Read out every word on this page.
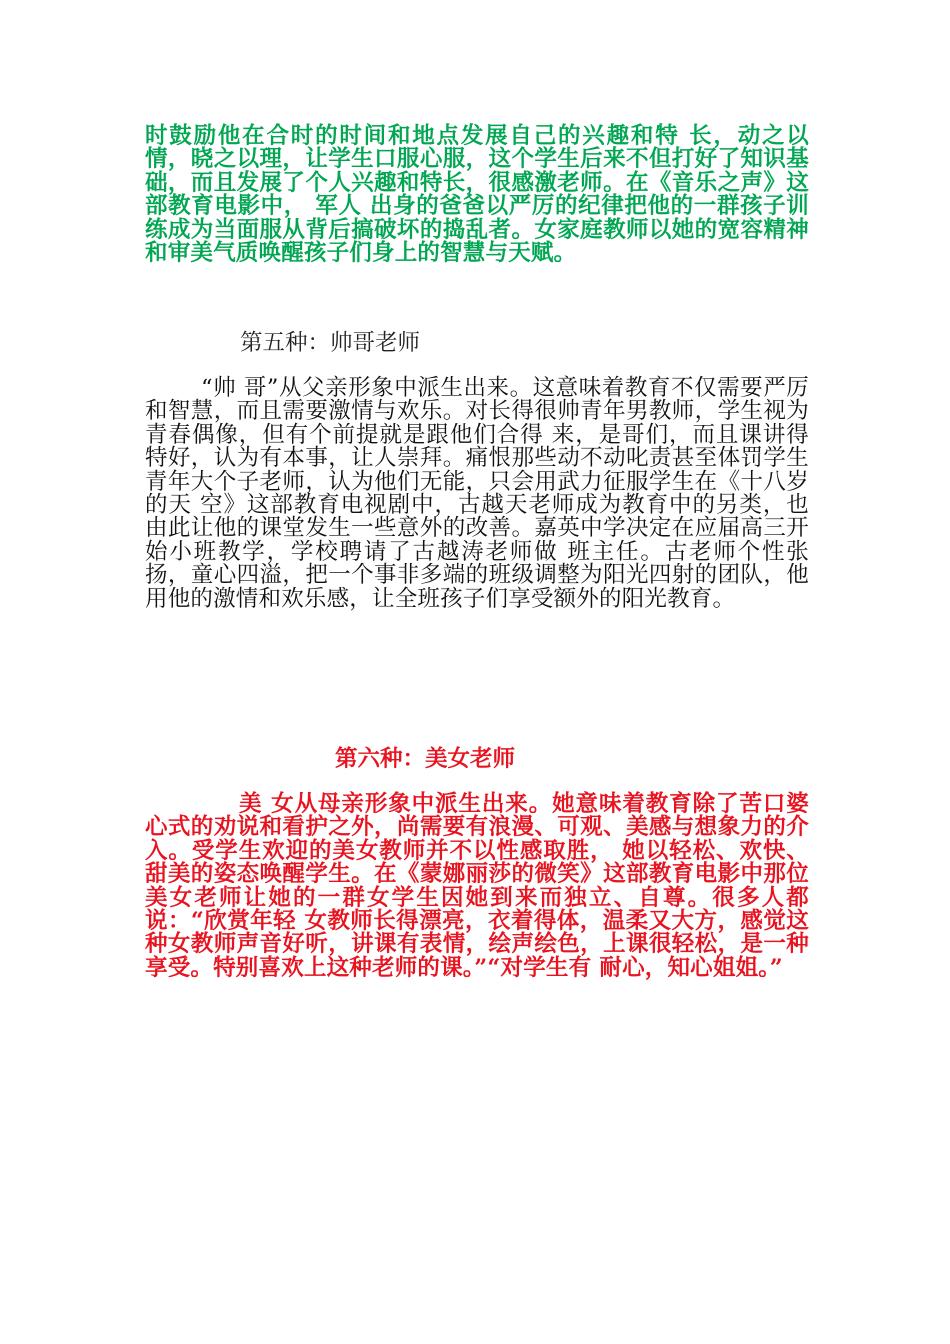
时鼓励他在合时的时间和地点发展自己的兴趣和特 长，动之以情，晓之以理，让学生口服心服，这个学生后来不但打好了知识基础，而且发展了个人兴趣和特长，很感激老师。在《音乐之声》这部教育电影中， 军人 出身的爸爸以严厉的纪律把他的一群孩子训练成为当面服从背后搞破坏的捣乱者。女家庭教师以她的宽容精神和审美气质唤醒孩子们身上的智慧与天赋。

第五种：帅哥老师

“帅 哥”从父亲形象中派生出来。这意味着教育不仅需要严厉和智慧，而且需要激情与欢乐。对长得很帅青年男教师，学生视为青春偶像，但有个前提就是跟他们合得 来，是哥们，而且课讲得特好，认为有本事，让人崇拜。痛恨那些动不动叱责甚至体罚学生青年大个子老师，认为他们无能，只会用武力征服学生在《十八岁的天 空》这部教育电视剧中，古越天老师成为教育中的另类，也由此让他的课堂发生一些意外的改善。嘉英中学决定在应届高三开始小班教学，学校聘请了古越涛老师做 班主任。古老师个性张扬，童心四溢，把一个事非多端的班级调整为阳光四射的团队，他用他的激情和欢乐感，让全班孩子们享受额外的阳光教育。

第六种：美女老师

美 女从母亲形象中派生出来。她意味着教育除了苦口婆心式的劝说和看护之外，尚需要有浪漫、可观、美感与想象力的介入。受学生欢迎的美女教师并不以性感取胜， 她以轻松、欢快、甜美的姿态唤醒学生。在《蒙娜丽莎的微笑》这部教育电影中那位美女老师让她的一群女学生因她到来而独立、自尊。很多人都说：“欣赏年轻 女教师长得漂亮，衣着得体，温柔又大方，感觉这种女教师声音好听，讲课有表情，绘声绘色，上课很轻松，是一种享受。特别喜欢上这种老师的课。”“对学生有 耐心，知心姐姐。”
